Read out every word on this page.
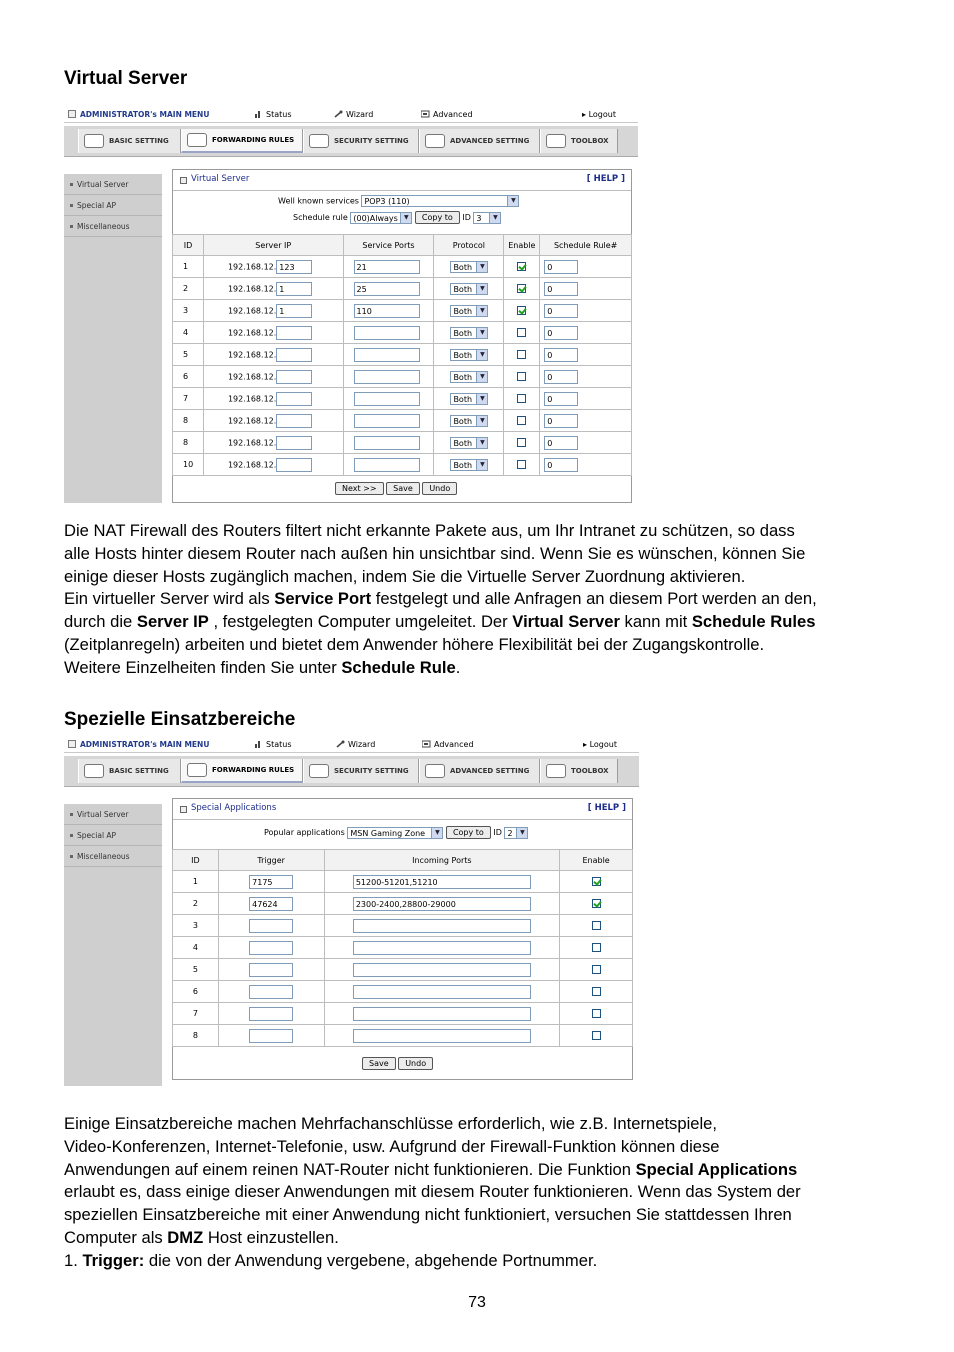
Virtual Server
ADMINISTRATOR's MAIN MENU	Status	Wizard	Advanced	▸ Logout
BASIC SETTING	FORWARDING RULES	SECURITY SETTING	ADVANCED SETTING	TOOLBOX
Virtual Server
Special AP
Miscellaneous
Virtual Server	[ HELP ]
Well known services POP3 (110)	▼
Schedule rule (00)Always	▼	Copy to ID 3	▼
ID	Server IP	Service Ports	Protocol	Enable	Schedule Rule#
1	192.168.12. 123	21	Both ▼		0
2	192.168.12. 1	25	Both ▼		0
3	192.168.12. 1	110	Both ▼		0
4	192.168.12.		Both ▼		0
5	192.168.12.		Both ▼		0
6	192.168.12.		Both ▼		0
7	192.168.12.		Both ▼		0
8	192.168.12.		Both ▼		0
8	192.168.12.		Both ▼		0
10	192.168.12.		Both ▼		0
Next >> Save Undo
Die NAT Firewall des Routers filtert nicht erkannte Pakete aus, um Ihr Intranet zu schützen, so dass
alle Hosts hinter diesem Router nach außen hin unsichtbar sind. Wenn Sie es wünschen, können Sie
einige dieser Hosts zugänglich machen, indem Sie die Virtuelle Server Zuordnung aktivieren.
Ein virtueller Server wird als Service Port festgelegt und alle Anfragen an diesem Port werden an den,
durch die Server IP , festgelegten Computer umgeleitet. Der Virtual Server kann mit Schedule Rules
(Zeitplanregeln) arbeiten und bietet dem Anwender höhere Flexibilität bei der Zugangskontrolle.
Weitere Einzelheiten finden Sie unter Schedule Rule.
Spezielle Einsatzbereiche
ADMINISTRATOR's MAIN MENU	Status	Wizard	Advanced	▸ Logout
BASIC SETTING	FORWARDING RULES	SECURITY SETTING	ADVANCED SETTING	TOOLBOX
Virtual Server
Special AP
Miscellaneous
Special Applications	[ HELP ]
Popular applications MSN Gaming Zone	▼	Copy to ID 2	▼
ID	Trigger	Incoming Ports	Enable
1	7175	51200-51201,51210	
2	47624	2300-2400,28800-29000	
3			
4			
5			
6			
7			
8			
Save Undo
Einige Einsatzbereiche machen Mehrfachanschlüsse erforderlich, wie z.B. Internetspiele,
Video-Konferenzen, Internet-Telefonie, usw. Aufgrund der Firewall-Funktion können diese
Anwendungen auf einem reinen NAT-Router nicht funktionieren. Die Funktion Special Applications
erlaubt es, dass einige dieser Anwendungen mit diesem Router funktionieren. Wenn das System der
speziellen Einsatzbereiche mit einer Anwendung nicht funktioniert, versuchen Sie stattdessen Ihren
Computer als DMZ Host einzustellen.
1. Trigger: die von der Anwendung vergebene, abgehende Portnummer.
73
